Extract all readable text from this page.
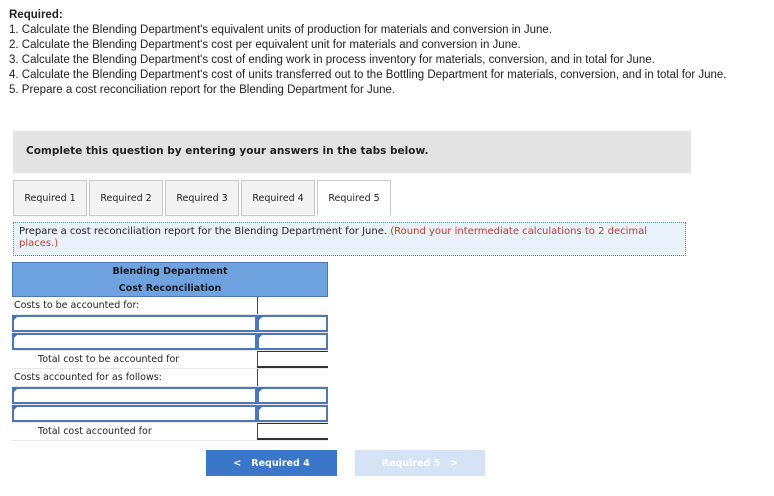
Required:

1. Calculate the Blending Department's equivalent units of production for materials and conversion in June.

2. Calculate the Blending Department's cost per equivalent unit for materials and conversion in June.

3. Calculate the Blending Department's cost of ending work in process inventory for materials, conversion, and in total for June.

4. Calculate the Blending Department's cost of units transferred out to the Bottling Department for materials, conversion, and in total for June.

5. Prepare a cost reconciliation report for the Blending Department for June.

Complete this question by entering your answers in the tabs below.
Required 1	Required 2	Required 3	Required 4	Required 5
Prepare a cost reconciliation report for the Blending Department for June. (Round your intermediate calculations to 2 decimal places.)
Blending Department
Cost Reconciliation
Costs to be accounted for:
Total cost to be accounted for
Costs accounted for as follows:
Total cost accounted for
< Required 4	Required 5 >
